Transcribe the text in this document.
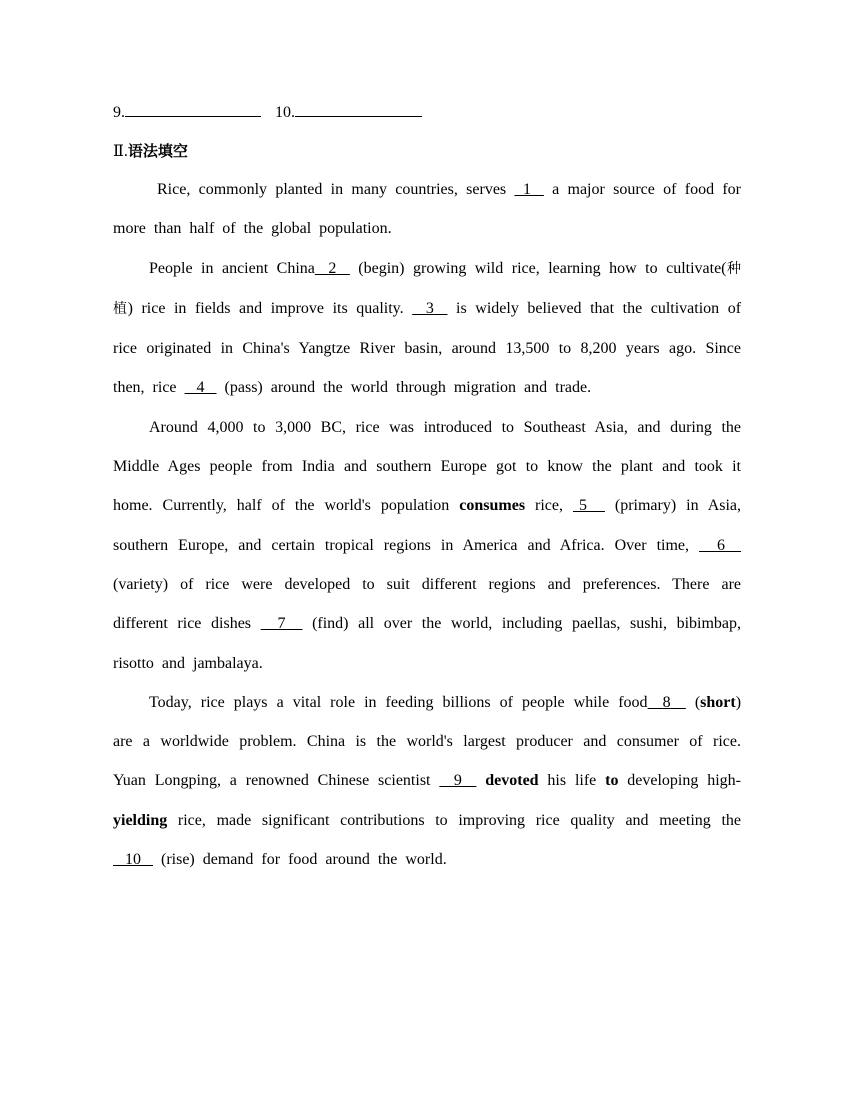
9.	10.
Ⅱ.语法填空

Rice, commonly planted in many countries, serves   1    a major source of food for more than half of the global population.

People in ancient China 2    (begin) growing wild rice, learning how to cultivate(种植) rice in fields and improve its quality.    3    is widely believed that the cultivation of rice originated in China's Yangtze River basin, around 13,500 to 8,200 years ago. Since then, rice    4    (pass) around the world through migration and trade.

Around 4,000 to 3,000 BC, rice was introduced to Southeast Asia, and during the Middle Ages people from India and southern Europe got to know the plant and took it home. Currently, half of the world's population consumes rice,  5    (primary) in Asia, southern Europe, and certain tropical regions in America and Africa. Over time,    6    (variety) of rice were developed to suit different regions and preferences. There are different rice dishes    7    (find) all over the world, including paellas, sushi, bibimbap, risotto and jambalaya.

Today, rice plays a vital role in feeding billions of people while food 8    (short) are a worldwide problem. China is the world's largest producer and consumer of rice. Yuan Longping, a renowned Chinese scientist    9 devoted his life to developing high-yielding rice, made significant contributions to improving rice quality and meeting the    10    (rise) demand for food around the world.
